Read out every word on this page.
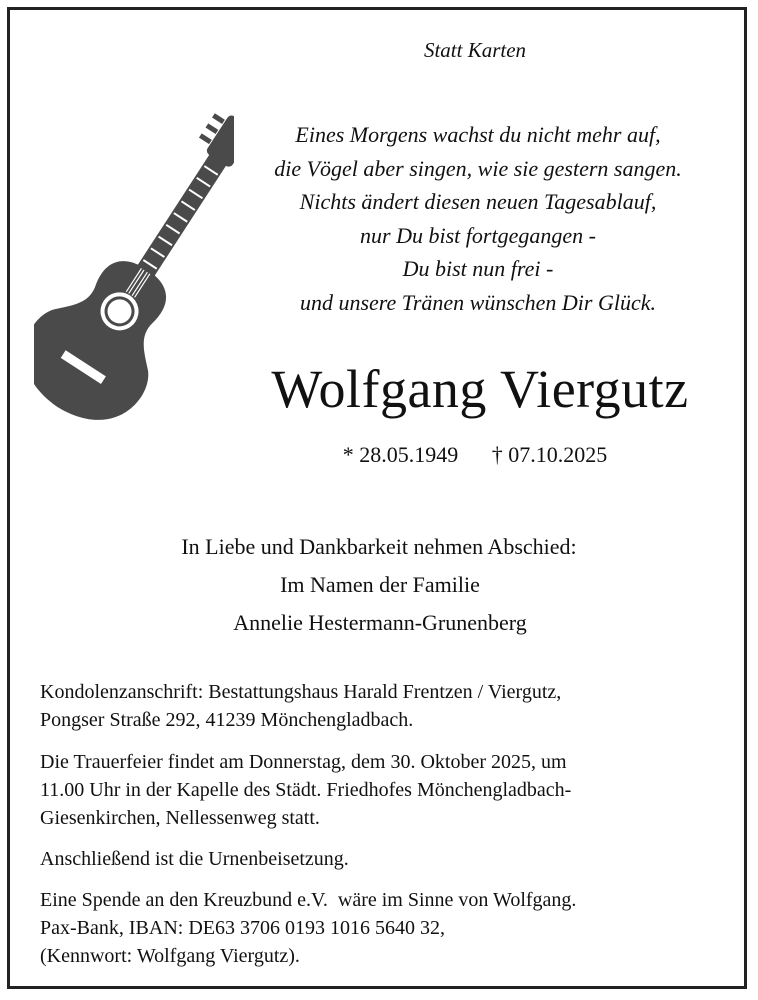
Statt Karten
Eines Morgens wachst du nicht mehr auf,
die Vögel aber singen, wie sie gestern sangen.
Nichts ändert diesen neuen Tagesablauf,
nur Du bist fortgegangen -
Du bist nun frei -
und unsere Tränen wünschen Dir Glück.
Wolfgang Viergutz
* 28.05.1949 † 07.10.2025
In Liebe und Dankbarkeit nehmen Abschied:
Im Namen der Familie
Annelie Hestermann-Grunenberg
Kondolenzanschrift: Bestattungshaus Harald Frentzen / Viergutz,
Pongser Straße 292, 41239 Mönchengladbach.
Die Trauerfeier findet am Donnerstag, dem 30. Oktober 2025, um
11.00 Uhr in der Kapelle des Städt. Friedhofes Mönchengladbach-
Giesenkirchen, Nellessenweg statt.
Anschließend ist die Urnenbeisetzung.
Eine Spende an den Kreuzbund e.V.  wäre im Sinne von Wolfgang.
Pax-Bank, IBAN: DE63 3706 0193 1016 5640 32,
(Kennwort: Wolfgang Viergutz).
